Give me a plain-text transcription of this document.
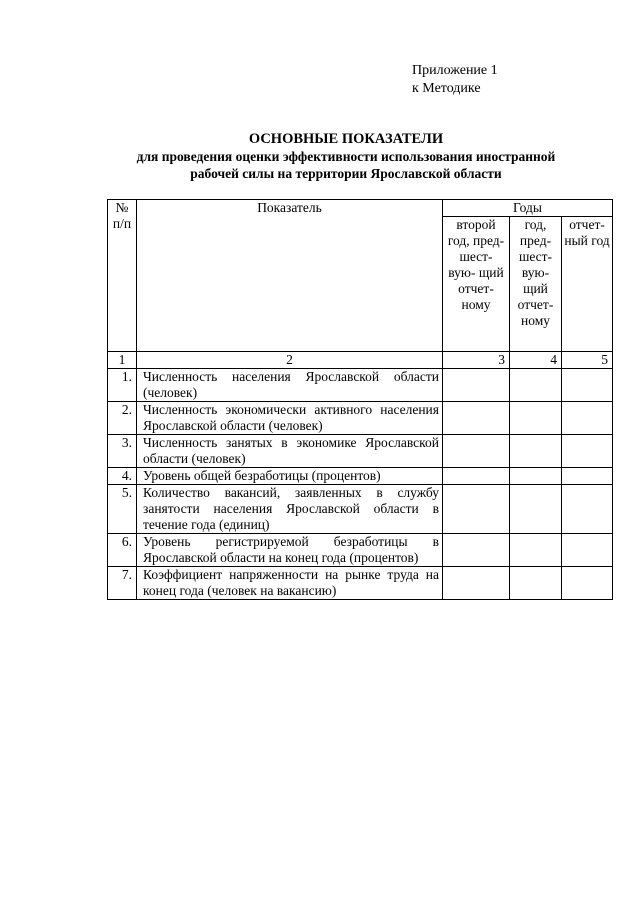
Приложение 1
к Методике
ОСНОВНЫЕ ПОКАЗАТЕЛИ
для проведения оценки эффективности использования иностранной
рабочей силы на территории Ярославской области
№
п/п	Показатель	Годы		
		второй год, пред- шест- вую- щий отчет- ному	год, пред- шест- вую- щий отчет- ному	отчет- ный год
1	2	3	4	5
1.	Численность населения Ярославской области (человек)			
2.	Численность экономически активного населения Ярославской области (человек)			
3.	Численность занятых в экономике Ярославской области (человек)			
4.	Уровень общей безработицы (процентов)			
5.	Количество вакансий, заявленных в службу занятости населения Ярославской области в течение года (единиц)			
6.	Уровень регистрируемой безработицы в Ярославской области на конец года (процентов)			
7.	Коэффициент напряженности на рынке труда на конец года (человек на вакансию)			
